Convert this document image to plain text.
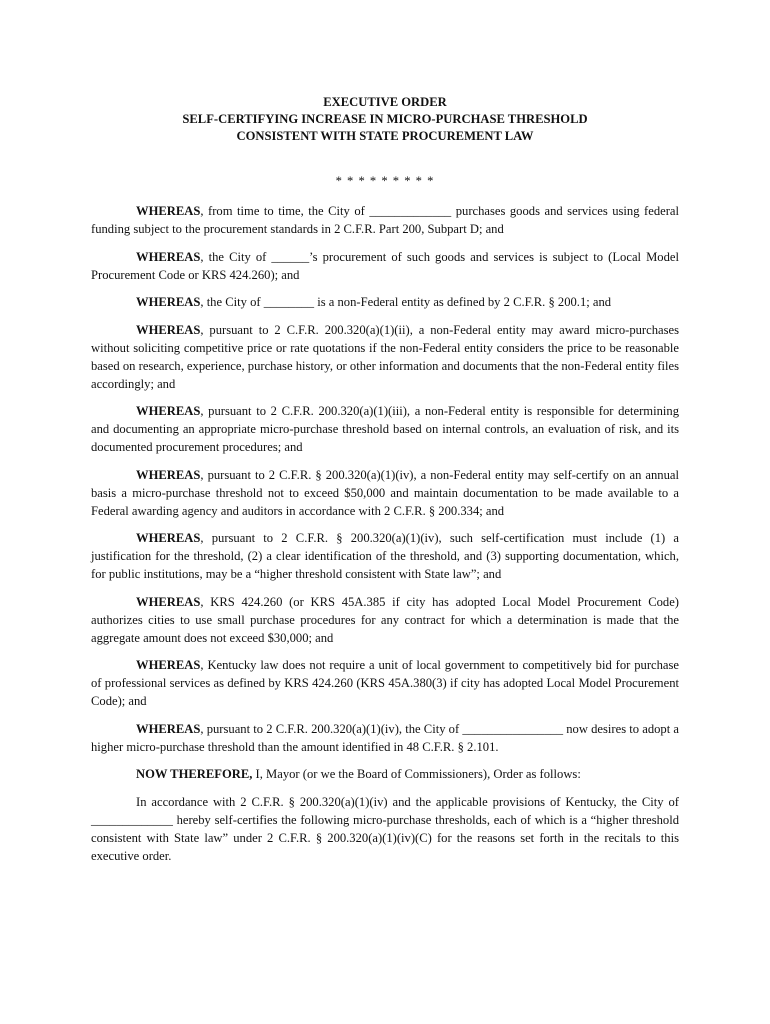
EXECUTIVE ORDER
SELF-CERTIFYING INCREASE IN MICRO-PURCHASE THRESHOLD
CONSISTENT WITH STATE PROCUREMENT LAW
* * * * * * * * *

WHEREAS, from time to time, the City of _____________ purchases goods and services using federal funding subject to the procurement standards in 2 C.F.R. Part 200, Subpart D; and

WHEREAS, the City of ______’s procurement of such goods and services is subject to (Local Model Procurement Code or KRS 424.260); and

WHEREAS, the City of ________ is a non-Federal entity as defined by 2 C.F.R. § 200.1; and

WHEREAS, pursuant to 2 C.F.R. 200.320(a)(1)(ii), a non-Federal entity may award micro-purchases without soliciting competitive price or rate quotations if the non-Federal entity considers the price to be reasonable based on research, experience, purchase history, or other information and documents that the non-Federal entity files accordingly; and

WHEREAS, pursuant to 2 C.F.R. 200.320(a)(1)(iii), a non-Federal entity is responsible for determining and documenting an appropriate micro-purchase threshold based on internal controls, an evaluation of risk, and its documented procurement procedures; and

WHEREAS, pursuant to 2 C.F.R. § 200.320(a)(1)(iv), a non-Federal entity may self-certify on an annual basis a micro-purchase threshold not to exceed $50,000 and maintain documentation to be made available to a Federal awarding agency and auditors in accordance with 2 C.F.R. § 200.334; and

WHEREAS, pursuant to 2 C.F.R. § 200.320(a)(1)(iv), such self-certification must include (1) a justification for the threshold, (2) a clear identification of the threshold, and (3) supporting documentation, which, for public institutions, may be a “higher threshold consistent with State law”; and

WHEREAS, KRS 424.260 (or KRS 45A.385 if city has adopted Local Model Procurement Code) authorizes cities to use small purchase procedures for any contract for which a determination is made that the aggregate amount does not exceed $30,000; and

WHEREAS, Kentucky law does not require a unit of local government to competitively bid for purchase of professional services as defined by KRS 424.260 (KRS 45A.380(3) if city has adopted Local Model Procurement Code); and

WHEREAS, pursuant to 2 C.F.R. 200.320(a)(1)(iv), the City of ________________ now desires to adopt a higher micro-purchase threshold than the amount identified in 48 C.F.R. § 2.101.

NOW THEREFORE, I, Mayor (or we the Board of Commissioners), Order as follows:

In accordance with 2 C.F.R. § 200.320(a)(1)(iv) and the applicable provisions of Kentucky, the City of _____________ hereby self-certifies the following micro-purchase thresholds, each of which is a “higher threshold consistent with State law” under 2 C.F.R. § 200.320(a)(1)(iv)(C) for the reasons set forth in the recitals to this executive order.
